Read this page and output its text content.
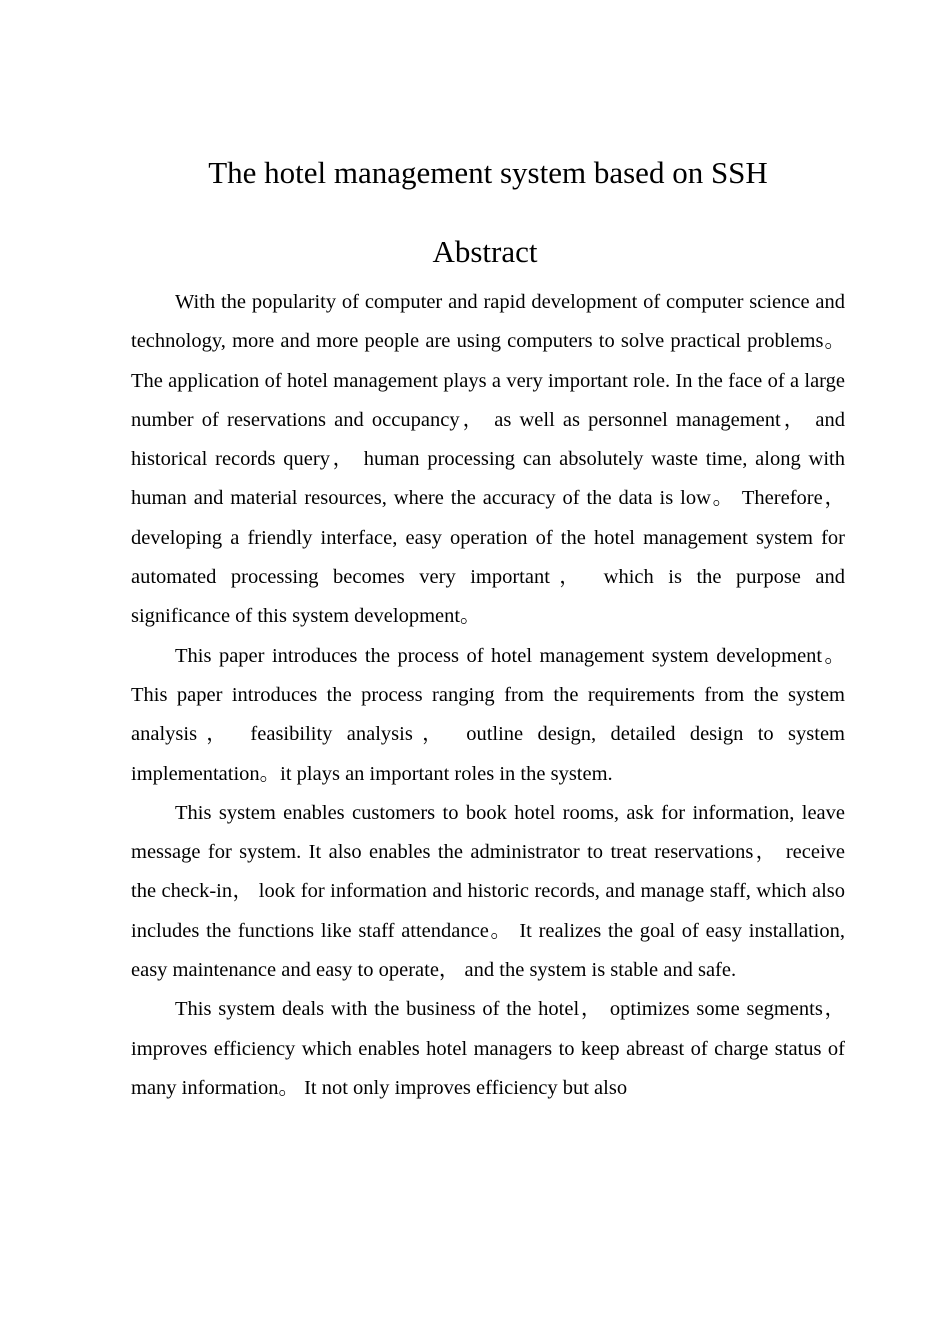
The hotel management system based on SSH
Abstract

With the popularity of computer and rapid development of computer science and technology, more and more people are using computers to solve practical problems。 The application of hotel management plays a very important role. In the face of a large number of reservations and occupancy， as well as personnel management， and historical records query， human processing can absolutely waste time, along with human and material resources, where the accuracy of the data is low。 Therefore， developing a friendly interface, easy operation of the hotel management system for automated processing becomes very important， which is the purpose and significance of this system development。

This paper introduces the process of hotel management system development。 This paper introduces the process ranging from the requirements from the system analysis， feasibility analysis， outline design, detailed design to system implementation。it plays an important roles in the system.

This system enables customers to book hotel rooms, ask for information, leave message for system. It also enables the administrator to treat reservations， receive the check-in， look for information and historic records, and manage staff, which also includes the functions like staff attendance。 It realizes the goal of easy installation, easy maintenance and easy to operate， and the system is stable and safe.

This system deals with the business of the hotel， optimizes some segments， improves efficiency which enables hotel managers to keep abreast of charge status of many information。 It not only improves efficiency but also
